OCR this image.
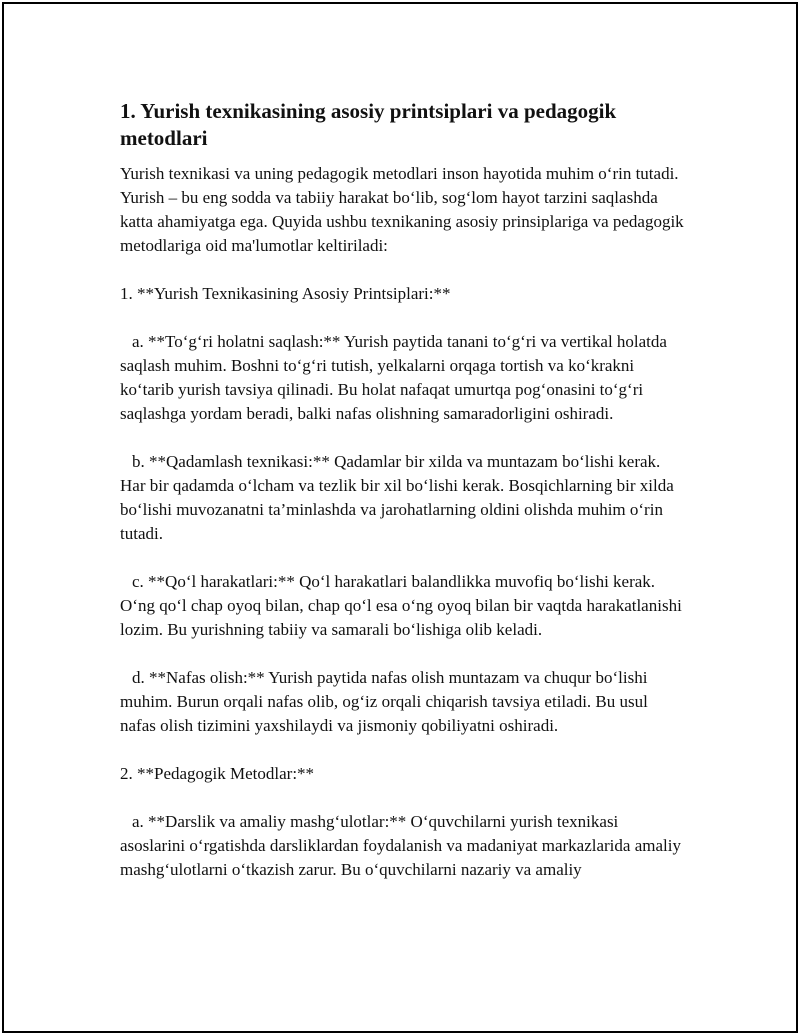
1. Yurish texnikasining asosiy printsiplari va pedagogik metodlari

Yurish texnikasi va uning pedagogik metodlari inson hayotida muhim o‘rin tutadi. Yurish – bu eng sodda va tabiiy harakat bo‘lib, sog‘lom hayot tarzini saqlashda katta ahamiyatga ega. Quyida ushbu texnikaning asosiy prinsiplariga va pedagogik metodlariga oid ma'lumotlar keltiriladi:

1. **Yurish Texnikasining Asosiy Printsiplari:**

a. **To‘g‘ri holatni saqlash:** Yurish paytida tanani to‘g‘ri va vertikal holatda saqlash muhim. Boshni to‘g‘ri tutish, yelkalarni orqaga tortish va ko‘krakni ko‘tarib yurish tavsiya qilinadi. Bu holat nafaqat umurtqa pog‘onasini to‘g‘ri saqlashga yordam beradi, balki nafas olishning samaradorligini oshiradi.

b. **Qadamlash texnikasi:** Qadamlar bir xilda va muntazam bo‘lishi kerak. Har bir qadamda o‘lcham va tezlik bir xil bo‘lishi kerak. Bosqichlarning bir xilda bo‘lishi muvozanatni ta’minlashda va jarohatlarning oldini olishda muhim o‘rin tutadi.

c. **Qo‘l harakatlari:** Qo‘l harakatlari balandlikka muvofiq bo‘lishi kerak. O‘ng qo‘l chap oyoq bilan, chap qo‘l esa o‘ng oyoq bilan bir vaqtda harakatlanishi lozim. Bu yurishning tabiiy va samarali bo‘lishiga olib keladi.

d. **Nafas olish:** Yurish paytida nafas olish muntazam va chuqur bo‘lishi muhim. Burun orqali nafas olib, og‘iz orqali chiqarish tavsiya etiladi. Bu usul nafas olish tizimini yaxshilaydi va jismoniy qobiliyatni oshiradi.

2. **Pedagogik Metodlar:**

a. **Darslik va amaliy mashg‘ulotlar:** O‘quvchilarni yurish texnikasi asoslarini o‘rgatishda darsliklardan foydalanish va madaniyat markazlarida amaliy mashg‘ulotlarni o‘tkazish zarur. Bu o‘quvchilarni nazariy va amaliy
